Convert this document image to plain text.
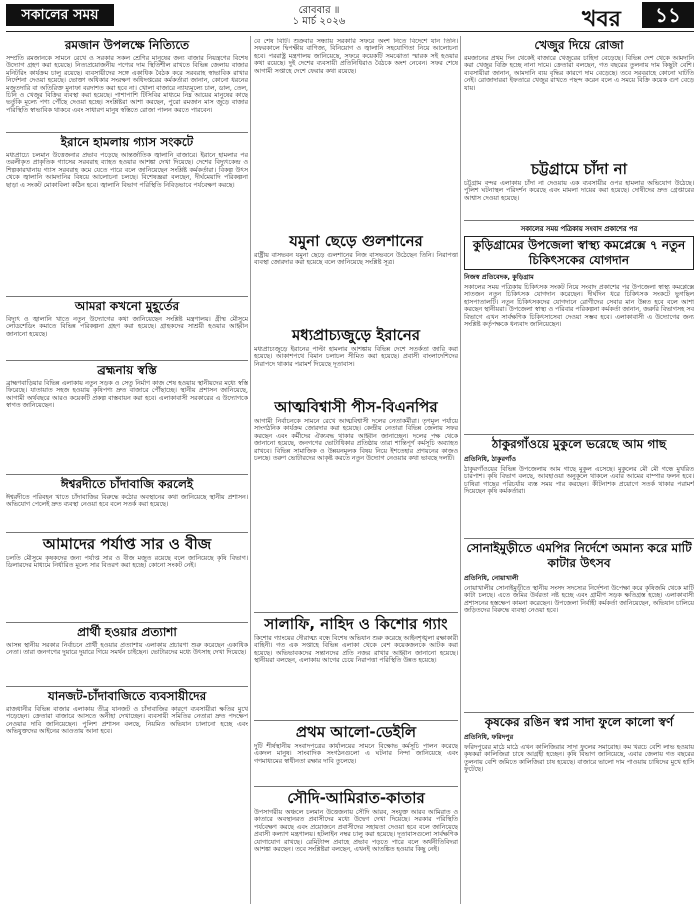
সকালের সময়	রোববার ॥
১ মার্চ ২০২৬	খবর	১১
রমজান উপলক্ষে নিত্যিতে
সম্প্রতি রমজানকে সামনে রেখে ও সরকার সকল শ্রেণির মানুষের জন্য বাজার নিয়ন্ত্রণের বিশেষ উদ্যোগ গ্রহণ করা হয়েছে। নিত্যপ্রয়োজনীয় পণ্যের দাম স্থিতিশীল রাখতে বিভিন্ন জেলায় বাজার মনিটরিং কার্যক্রম চালু রয়েছে। ব্যবসায়ীদের সঙ্গে একাধিক বৈঠক করে সরবরাহ স্বাভাবিক রাখার নির্দেশনা দেওয়া হয়েছে। ভোক্তা অধিকার সংরক্ষণ অধিদপ্তরের কর্মকর্তারা জানান, কোনো ধরনের মজুতদারি বা অতিরিক্ত মুনাফা বরদাশত করা হবে না। খোলা বাজারে ন্যায্যমূল্যে চাল, ডাল, তেল, চিনি ও খেজুর বিক্রির ব্যবস্থা করা হয়েছে। পাশাপাশি টিসিবির মাধ্যমে নিম্ন আয়ের মানুষের কাছে ভর্তুকি মূল্যে পণ্য পৌঁছে দেওয়া হচ্ছে। সংশ্লিষ্টরা আশা করছেন, পুরো রমজান মাস জুড়ে বাজার পরিস্থিতি স্বাভাবিক থাকবে এবং সাধারণ মানুষ স্বস্তিতে রোজা পালন করতে পারবেন।
ইরানে হামলায় গ্যাস সংকটে
মধ্যপ্রাচ্যে চলমান উত্তেজনার প্রভাব পড়েছে আন্তর্জাতিক জ্বালানি বাজারে। ইরানে হামলার পর তরলীকৃত প্রাকৃতিক গ্যাসের সরবরাহ ব্যাহত হওয়ার আশঙ্কা দেখা দিয়েছে। দেশের বিদ্যুৎকেন্দ্র ও শিল্পকারখানায় গ্যাস সরবরাহ কমে যেতে পারে বলে জানিয়েছেন সংশ্লিষ্ট কর্মকর্তারা। বিকল্প উৎস থেকে জ্বালানি আমদানির বিষয়ে আলোচনা চলছে। বিশেষজ্ঞরা বলছেন, দীর্ঘমেয়াদি পরিকল্পনা ছাড়া এ সংকট মোকাবিলা কঠিন হবে। জ্বালানি বিভাগ পরিস্থিতি নিবিড়ভাবে পর্যবেক্ষণ করছে।
আমরা কখনো মুহূর্তের
বিদ্যুৎ ও জ্বালানি খাতে নতুন উদ্যোগের কথা জানিয়েছেন সংশ্লিষ্ট মন্ত্রণালয়। গ্রীষ্ম মৌসুমে লোডশেডিং কমাতে বিভিন্ন পরিকল্পনা গ্রহণ করা হয়েছে। গ্রাহকদের সাশ্রয়ী হওয়ার আহ্বান জানানো হয়েছে।
ব্রহ্মনায় স্বস্তি
ব্রাহ্মণবাড়িয়ার বিভিন্ন এলাকায় নতুন সড়ক ও সেতু নির্মাণ কাজ শেষ হওয়ায় স্থানীয়দের মধ্যে স্বস্তি ফিরেছে। যাতায়াত সহজ হওয়ায় কৃষিপণ্য দ্রুত বাজারে পৌঁছাচ্ছে। স্থানীয় প্রশাসন জানিয়েছে, আগামী অর্থবছরে আরও কয়েকটি প্রকল্প বাস্তবায়ন করা হবে। এলাকাবাসী সরকারের এ উদ্যোগকে স্বাগত জানিয়েছেন।
ঈশ্বরদীতে চাঁদাবাজি করলেই
ঈশ্বরদীতে পরিবহন খাতে চাঁদাবাজির বিরুদ্ধে কঠোর অবস্থানের কথা জানিয়েছে স্থানীয় প্রশাসন। অভিযোগ পেলেই দ্রুত ব্যবস্থা নেওয়া হবে বলে সতর্ক করা হয়েছে।
আমাদের পর্যাপ্ত সার ও বীজ
চলতি মৌসুমে কৃষকদের জন্য পর্যাপ্ত সার ও বীজ মজুত রয়েছে বলে জানিয়েছে কৃষি বিভাগ। ডিলারদের মাধ্যমে নির্ধারিত মূল্যে সার বিতরণ করা হচ্ছে। কোনো সংকট নেই।
প্রার্থী হওয়ার প্রত্যাশা
আসন্ন স্থানীয় সরকার নির্বাচনে প্রার্থী হওয়ার প্রত্যাশায় এলাকায় প্রচারণা শুরু করেছেন একাধিক নেতা। তারা জনগণের দুয়ারে দুয়ারে গিয়ে সমর্থন চাইছেন। ভোটারদের মধ্যে উৎসাহ দেখা দিয়েছে।
যানজট-চাঁদাবাজিতে ব্যবসায়ীদের
রাজধানীর বিভিন্ন বাজার এলাকায় তীব্র যানজট ও চাঁদাবাজির কারণে ব্যবসায়ীরা ক্ষতির মুখে পড়েছেন। ক্রেতারা বাজারে আসতে অনীহা দেখাচ্ছেন। ব্যবসায়ী সমিতির নেতারা দ্রুত পদক্ষেপ নেওয়ার দাবি জানিয়েছেন। পুলিশ প্রশাসন বলছে, নিয়মিত অভিযান চালানো হচ্ছে এবং অভিযুক্তদের আইনের আওতায় আনা হবে।
বে শেষ বিটি। শুক্রবার সন্ধ্যায় সরকারি সফরে অংশ নিতে বিদেশে যান তিনি। সফরকালে দ্বিপক্ষীয় বাণিজ্য, বিনিয়োগ ও জ্বালানি সহযোগিতা নিয়ে আলোচনা হবে। পররাষ্ট্র মন্ত্রণালয় জানিয়েছে, সফরে কয়েকটি সমঝোতা স্মারক সই হওয়ার কথা রয়েছে। দুই দেশের ব্যবসায়ী প্রতিনিধিরাও বৈঠকে অংশ নেবেন। সফর শেষে আগামী সপ্তাহে দেশে ফেরার কথা রয়েছে।
যমুনা ছেড়ে গুলশানের
রাষ্ট্রীয় বাসভবন যমুনা ছেড়ে গুলশানের নিজ বাসভবনে উঠেছেন তিনি। নিরাপত্তা ব্যবস্থা জোরদার করা হয়েছে বলে জানিয়েছে সংশ্লিষ্ট সূত্র।
মধ্যপ্রাচ্যজুড়ে ইরানের
মধ্যপ্রাচ্যজুড়ে ইরানের পাল্টা হামলার আশঙ্কায় বিভিন্ন দেশে সতর্কতা জারি করা হয়েছে। আকাশপথে বিমান চলাচল সীমিত করা হয়েছে। প্রবাসী বাংলাদেশিদের নিরাপদে থাকার পরামর্শ দিয়েছে দূতাবাস।
আত্মবিশ্বাসী পীস-বিএনপির
আগামী নির্বাচনকে সামনে রেখে আত্মবিশ্বাসী দলের নেতাকর্মীরা। তৃণমূল পর্যায়ে সাংগঠনিক কার্যক্রম জোরদার করা হয়েছে। কেন্দ্রীয় নেতারা বিভিন্ন জেলায় সফর করছেন এবং কর্মীদের ঐক্যবদ্ধ থাকার আহ্বান জানাচ্ছেন। দলের পক্ষ থেকে জানানো হয়েছে, জনগণের ভোটাধিকার প্রতিষ্ঠায় তারা শান্তিপূর্ণ কর্মসূচি অব্যাহত রাখবে। বিভিন্ন সামাজিক ও উন্নয়নমূলক বিষয় নিয়ে ইশতেহার প্রণয়নের কাজও চলছে। তরুণ ভোটারদের আকৃষ্ট করতে নতুন উদ্যোগ নেওয়ার কথা ভাবছে দলটি।
সালাফি, নাহিদ ও কিশোর গ্যাং
কিশোর গ্যাংয়ের দৌরাত্ম্য বন্ধে বিশেষ অভিযান শুরু করেছে আইনশৃঙ্খলা রক্ষাকারী বাহিনী। গত এক সপ্তাহে বিভিন্ন এলাকা থেকে বেশ কয়েকজনকে আটক করা হয়েছে। অভিভাবকদের সন্তানদের প্রতি নজর রাখার আহ্বান জানানো হয়েছে। স্থানীয়রা বলছেন, এলাকায় আগের চেয়ে নিরাপত্তা পরিস্থিতি উন্নত হয়েছে।
প্রথম আলো-ডেইলি
দুটি শীর্ষস্থানীয় সংবাদপত্রের কার্যালয়ের সামনে বিক্ষোভ কর্মসূচি পালন করেছে একদল মানুষ। সাংবাদিক সংগঠনগুলো এ ঘটনার নিন্দা জানিয়েছে এবং গণমাধ্যমের স্বাধীনতা রক্ষার দাবি তুলেছে।
সৌদি-আমিরাত-কাতার
উপসাগরীয় অঞ্চলে চলমান উত্তেজনায় সৌদি আরব, সংযুক্ত আরব আমিরাত ও কাতারে অবস্থানরত প্রবাসীদের মধ্যে উদ্বেগ দেখা দিয়েছে। সরকার পরিস্থিতি পর্যবেক্ষণ করছে এবং প্রয়োজনে প্রবাসীদের সহায়তা দেওয়া হবে বলে জানিয়েছে প্রবাসী কল্যাণ মন্ত্রণালয়। হটলাইন নম্বর চালু করা হয়েছে। দূতাবাসগুলো সার্বক্ষণিক যোগাযোগ রাখছে। রেমিট্যান্স প্রবাহে প্রভাব পড়তে পারে বলে অর্থনীতিবিদরা আশঙ্কা করছেন। তবে সংশ্লিষ্টরা বলছেন, এখনই আতঙ্কিত হওয়ার কিছু নেই।
খেজুর দিয়ে রোজা
রমজানের প্রথম দিন থেকেই বাজারে খেজুরের চাহিদা বেড়েছে। বিভিন্ন দেশ থেকে আমদানি করা খেজুর বিক্রি হচ্ছে নানা দামে। ক্রেতারা বলছেন, গত বছরের তুলনায় দাম কিছুটা বেশি। ব্যবসায়ীরা জানান, আমদানি ব্যয় বৃদ্ধির কারণে দাম বেড়েছে। তবে সরবরাহে কোনো ঘাটতি নেই। রোজাদাররা ইফতারে খেজুর রাখতে পছন্দ করেন বলে এ সময়ে বিক্রি কয়েক গুণ বেড়ে যায়।
চট্টগ্রামে চাঁদা না
চট্টগ্রাম বন্দর এলাকায় চাঁদা না দেওয়ায় এক ব্যবসায়ীর ওপর হামলার অভিযোগ উঠেছে। পুলিশ ঘটনাস্থল পরিদর্শন করেছে এবং মামলা দায়ের করা হয়েছে। দোষীদের দ্রুত গ্রেপ্তারের আশ্বাস দেওয়া হয়েছে।
সকালের সময় পত্রিকায় সংবাদ প্রকাশের পর
কুড়িগ্রামের উপজেলা স্বাস্থ্য কমপ্লেক্সে ৭ নতুন চিকিৎসকের যোগদান
নিজস্ব প্রতিবেদক, কুড়িগ্রাম
সকালের সময় পত্রিকায় চিকিৎসক সংকট নিয়ে সংবাদ প্রকাশের পর উপজেলা স্বাস্থ্য কমপ্লেক্সে সাতজন নতুন চিকিৎসক যোগদান করেছেন। দীর্ঘদিন ধরে চিকিৎসক সংকটে ভুগছিল হাসপাতালটি। নতুন চিকিৎসকদের যোগদানে রোগীদের সেবার মান উন্নত হবে বলে আশা করছেন স্থানীয়রা। উপজেলা স্বাস্থ্য ও পরিবার পরিকল্পনা কর্মকর্তা জানান, জরুরি বিভাগসহ সব বিভাগে এখন সার্বক্ষণিক চিকিৎসাসেবা দেওয়া সম্ভব হবে। এলাকাবাসী এ উদ্যোগের জন্য সংশ্লিষ্ট কর্তৃপক্ষকে ধন্যবাদ জানিয়েছেন।
ঠাকুরগাঁওয়ে মুকুলে ভরেছে আম গাছ
প্রতিনিধি, ঠাকুরগাঁও
ঠাকুরগাঁওয়ের বিভিন্ন উপজেলায় আম গাছে মুকুল এসেছে। মুকুলের মৌ মৌ গন্ধে মুখরিত চারপাশ। কৃষি বিভাগ বলছে, আবহাওয়া অনুকূলে থাকলে এবার আমের বাম্পার ফলন হবে। চাষিরা গাছের পরিচর্যায় ব্যস্ত সময় পার করছেন। কীটনাশক প্রয়োগে সতর্ক থাকার পরামর্শ দিয়েছেন কৃষি কর্মকর্তারা।
সোনাইমুড়ীতে এমপির নির্দেশে অমান্য করে মাটি কাটার উৎসব
প্রতিনিধি, নোয়াখালী
নোয়াখালীর সোনাইমুড়ীতে স্থানীয় সংসদ সদস্যের নির্দেশনা উপেক্ষা করে কৃষিজমি থেকে মাটি কাটা চলছে। এতে জমির উর্বরতা নষ্ট হচ্ছে এবং গ্রামীণ সড়ক ক্ষতিগ্রস্ত হচ্ছে। এলাকাবাসী প্রশাসনের হস্তক্ষেপ কামনা করেছেন। উপজেলা নির্বাহী কর্মকর্তা জানিয়েছেন, অভিযান চালিয়ে জড়িতদের বিরুদ্ধে ব্যবস্থা নেওয়া হবে।
কৃষকের রঙিন স্বপ্ন সাদা ফুলে কালো স্বর্ণ
প্রতিনিধি, ফরিদপুর
ফরিদপুরের মাঠে মাঠে এখন কালিজিরার সাদা ফুলের সমারোহ। কম খরচে বেশি লাভ হওয়ায় কৃষকরা কালিজিরা চাষে আগ্রহী হচ্ছেন। কৃষি বিভাগ জানিয়েছে, এবার জেলায় গত বছরের তুলনায় বেশি জমিতে কালিজিরা চাষ হয়েছে। বাজারে ভালো দাম পাওয়ায় চাষিদের মুখে হাসি ফুটেছে।
